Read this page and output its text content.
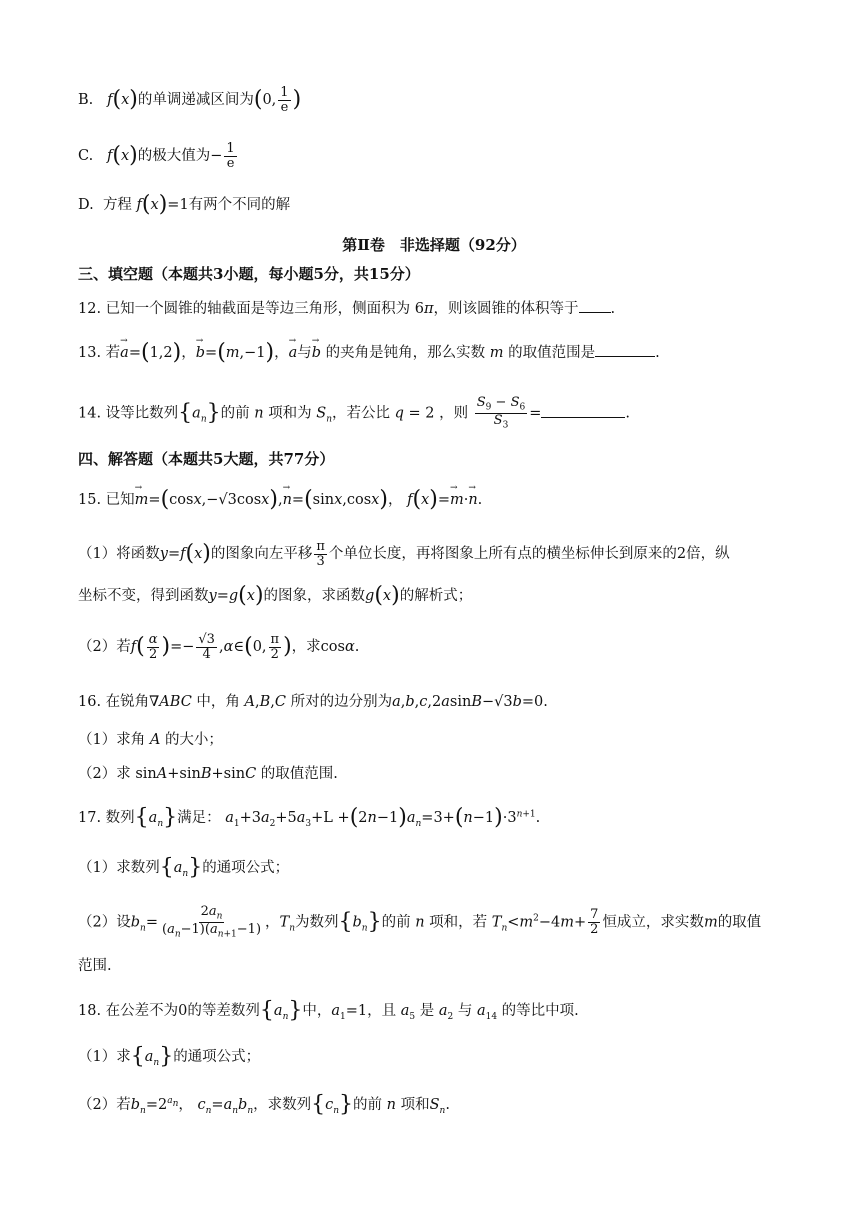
B. f(x)的单调递减区间为(0, $\frac{1}{e}$ )
C. f(x)的极大值为− $\frac{1}{e}$
D. 方程 f(x)=1有两个不同的解
第Ⅱ卷　非选择题（92分）
三、填空题（本题共3小题，每小题5分，共15分）
12. 已知一个圆锥的轴截面是等边三角形，侧面积为 6π，则该圆锥的体积等于 .
13. 若→ a=(1,2)，→ b=(m,−1)，→ a与→ b 的夹角是钝角，那么实数 m 的取值范围是	.
14. 设等比数列$\{a_n\}$的前 n 项和为 $S_n$，若公比 q = 2 ，则 $\frac{S_9 - S_6}{S_3}$ =	.
四、解答题（本题共5大题，共77分）
15. 已知→ m=(cosx,−√3cosx),→ n=(sinx,cosx)， f(x)=→ m·→ n.
（1）将函数y=f(x)的图象向左平移 $\frac{\pi}{3}$ 个单位长度，再将图象上所有点的横坐标伸长到原来的2倍，纵
坐标不变，得到函数y=g(x)的图象，求函数g(x)的解析式；
（2）若$f( \frac{\alpha}{2}$ )=− $\frac{√3}{4}$ ,α∈(0, $\frac{\pi}{2}$ )，求cosα.
16. 在锐角∇ABC 中，角 A,B,C 所对的边分别为a,b,c,2asinB−√3b=0.
（1）求角 A 的大小；
（2）求 sinA+sinB+sinC 的取值范围.
17. 数列$\{a_n\}$满足： $a_1+3a_2+5a_3+L +(2n-1)a_n=3+(n-1)\cdot 3^{n+1}$.
（1）求数列$\{a_n\}$的通项公式；
（2）设$b_n= \frac{2a_n}{(a_n-1)(a_{n+1}-1)}$ ，$T_n$为数列$\{b_n\}$的前 n 项和，若 $T_n<m^2-4m+ \frac{7}{2}$ 恒成立，求实数m的取值
范围.
18. 在公差不为0的等差数列$\{a_n\}$中，$a_1=1$，且 $a_5$ 是 $a_2$ 与 $a_{14}$ 的等比中项.
（1）求$\{a_n\}$的通项公式；
（2）若$b_n=2^{a_n}$， $c_n=a_nb_n$，求数列$\{c_n\}$的前 n 项和$S_n$.
